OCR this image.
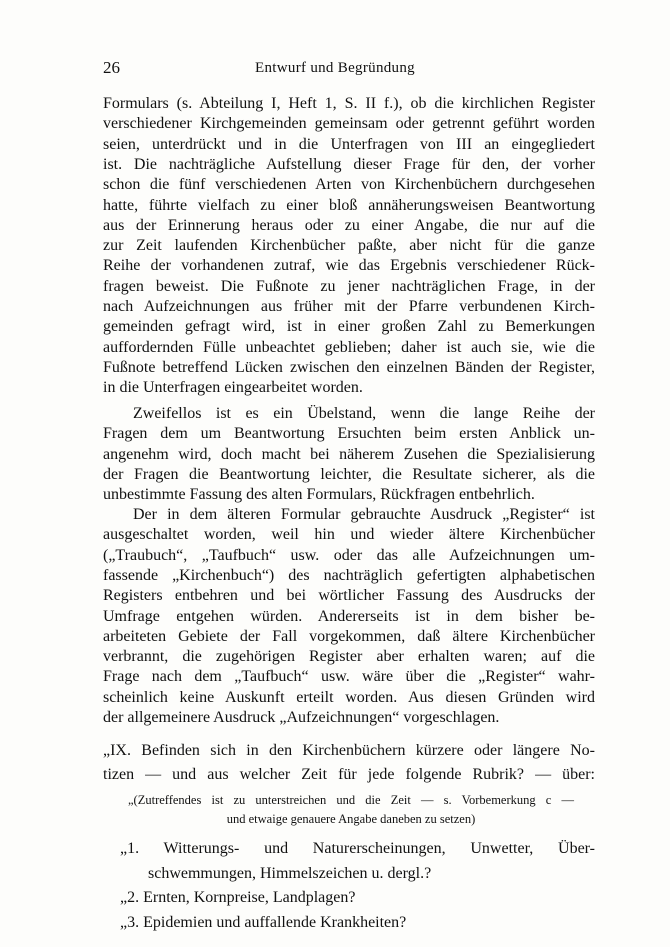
26	Entwurf und Begründung
Formulars (s. Abteilung I, Heft 1, S. II f.), ob die kirchlichen Register
verschiedener Kirchgemeinden gemeinsam oder getrennt geführt worden
seien, unterdrückt und in die Unterfragen von III an eingegliedert
ist. Die nachträgliche Aufstellung dieser Frage für den, der vorher
schon die fünf verschiedenen Arten von Kirchenbüchern durchgesehen
hatte, führte vielfach zu einer bloß annäherungsweisen Beantwortung
aus der Erinnerung heraus oder zu einer Angabe, die nur auf die
zur Zeit laufenden Kirchenbücher paßte, aber nicht für die ganze
Reihe der vorhandenen zutraf, wie das Ergebnis verschiedener Rück-
fragen beweist. Die Fußnote zu jener nachträglichen Frage, in der
nach Aufzeichnungen aus früher mit der Pfarre verbundenen Kirch-
gemeinden gefragt wird, ist in einer großen Zahl zu Bemerkungen
auffordernden Fülle unbeachtet geblieben; daher ist auch sie, wie die
Fußnote betreffend Lücken zwischen den einzelnen Bänden der Register,
in die Unterfragen eingearbeitet worden.
Zweifellos ist es ein Übelstand, wenn die lange Reihe der
Fragen dem um Beantwortung Ersuchten beim ersten Anblick un-
angenehm wird, doch macht bei näherem Zusehen die Spezialisierung
der Fragen die Beantwortung leichter, die Resultate sicherer, als die
unbestimmte Fassung des alten Formulars, Rückfragen entbehrlich.
Der in dem älteren Formular gebrauchte Ausdruck „Register“ ist
ausgeschaltet worden, weil hin und wieder ältere Kirchenbücher
(„Traubuch“, „Taufbuch“ usw. oder das alle Aufzeichnungen um-
fassende „Kirchenbuch“) des nachträglich gefertigten alphabetischen
Registers entbehren und bei wörtlicher Fassung des Ausdrucks der
Umfrage entgehen würden. Andererseits ist in dem bisher be-
arbeiteten Gebiete der Fall vorgekommen, daß ältere Kirchenbücher
verbrannt, die zugehörigen Register aber erhalten waren; auf die
Frage nach dem „Taufbuch“ usw. wäre über die „Register“ wahr-
scheinlich keine Auskunft erteilt worden. Aus diesen Gründen wird
der allgemeinere Ausdruck „Aufzeichnungen“ vorgeschlagen.
„IX. Befinden sich in den Kirchenbüchern kürzere oder längere No-
tizen — und aus welcher Zeit für jede folgende Rubrik? — über:
„(Zutreffendes ist zu unterstreichen und die Zeit — s. Vorbemerkung c —
und etwaige genauere Angabe daneben zu setzen)
„1. Witterungs- und Naturerscheinungen, Unwetter, Über-
schwemmungen, Himmelszeichen u. dergl.?
„2. Ernten, Kornpreise, Landplagen?
„3. Epidemien und auffallende Krankheiten?
